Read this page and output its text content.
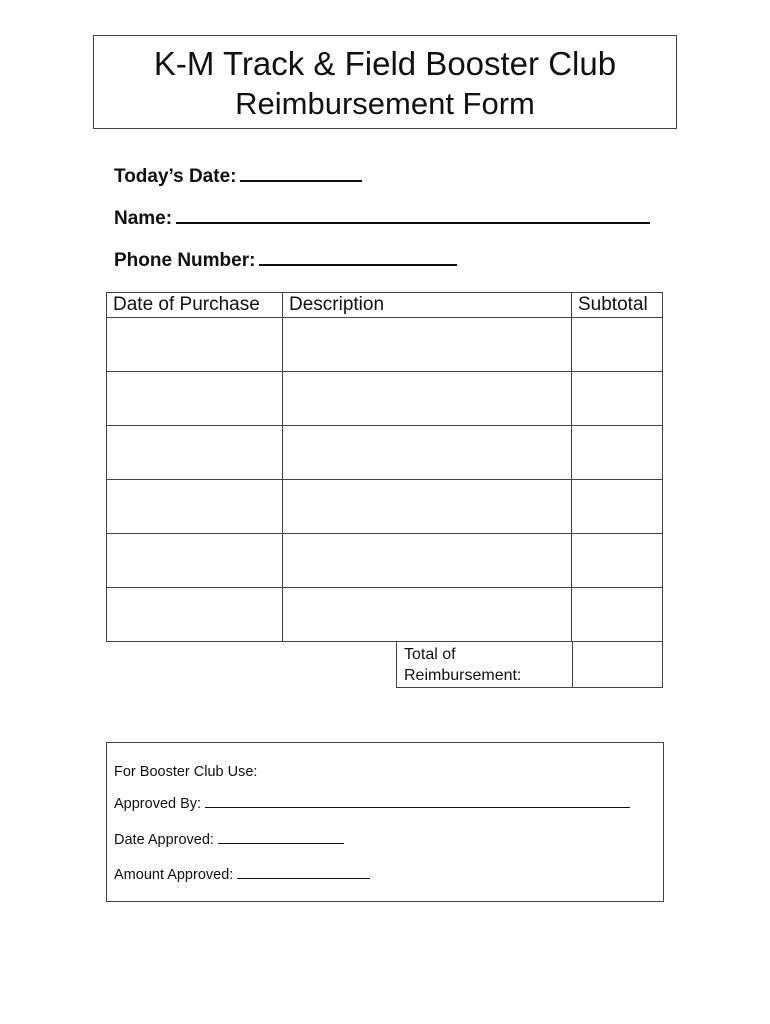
K-M Track & Field Booster Club
Reimbursement Form
Today’s Date:
Name:
Phone Number:
Date of Purchase	Description	Subtotal

Total of
Reimbursement:
For Booster Club Use:
Approved By:
Date Approved:
Amount Approved:
